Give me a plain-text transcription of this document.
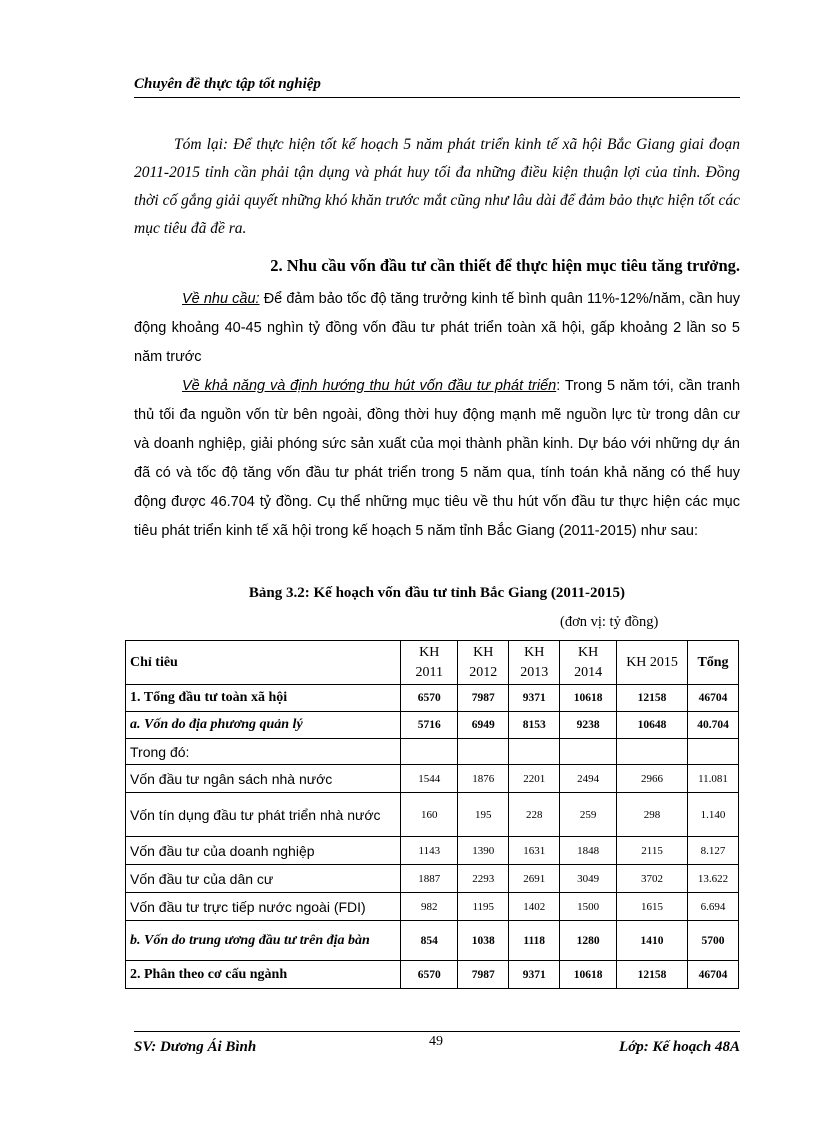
Chuyên đề thực tập tốt nghiệp
Tóm lại: Để thực hiện tốt kế hoạch 5 năm phát triển kinh tế xã hội Bắc Giang giai đoạn 2011-2015 tỉnh cần phải tận dụng và phát huy tối đa những điều kiện thuận lợi của tỉnh. Đồng thời cố gắng giải quyết những khó khăn trước mắt cũng như lâu dài để đảm bảo thực hiện tốt các mục tiêu đã đề ra.
2. Nhu cầu vốn đầu tư cần thiết để thực hiện mục tiêu tăng trưởng.
Về nhu cầu: Để đảm bảo tốc độ tăng trưởng kinh tế bình quân 11%-12%/năm, cần huy động khoảng 40-45 nghìn tỷ đồng vốn đầu tư phát triển toàn xã hội, gấp khoảng 2 lần so 5 năm trước
Về khả năng và định hướng thu hút vốn đầu tư phát triển: Trong 5 năm tới, cần tranh thủ tối đa nguồn vốn từ bên ngoài, đồng thời huy động mạnh mẽ nguồn lực từ trong dân cư và doanh nghiệp, giải phóng sức sản xuất của mọi thành phần kinh. Dự báo với những dự án đã có và tốc độ tăng vốn đầu tư phát triển trong 5 năm qua, tính toán khả năng có thể huy động được 46.704 tỷ đồng. Cụ thể những mục tiêu về thu hút vốn đầu tư thực hiện các mục tiêu phát triển kinh tế xã hội trong kế hoạch 5 năm tỉnh Bắc Giang (2011-2015) như sau:
Bảng 3.2: Kế hoạch vốn đầu tư tỉnh Bắc Giang (2011-2015)
(đơn vị: tỷ đồng)
Chỉ tiêu	KH 2011	KH 2012	KH 2013	KH 2014	KH 2015	Tổng
1. Tổng đầu tư toàn xã hội	6570	7987	9371	10618	12158	46704
a. Vốn do địa phương quản lý	5716	6949	8153	9238	10648	40.704
Trong đó:						
Vốn đầu tư ngân sách nhà nước	1544	1876	2201	2494	2966	11.081
Vốn tín dụng đầu tư phát triển nhà nước	160	195	228	259	298	1.140
Vốn đầu tư của doanh nghiệp	1143	1390	1631	1848	2115	8.127
Vốn đầu tư của dân cư	1887	2293	2691	3049	3702	13.622
Vốn đầu tư trực tiếp nước ngoài (FDI)	982	1195	1402	1500	1615	6.694
b. Vốn do trung ương đầu tư trên địa bàn	854	1038	1118	1280	1410	5700
2. Phân theo cơ cấu ngành	6570	7987	9371	10618	12158	46704
SV: Dương Ái Bình	49	Lớp: Kế hoạch 48A
